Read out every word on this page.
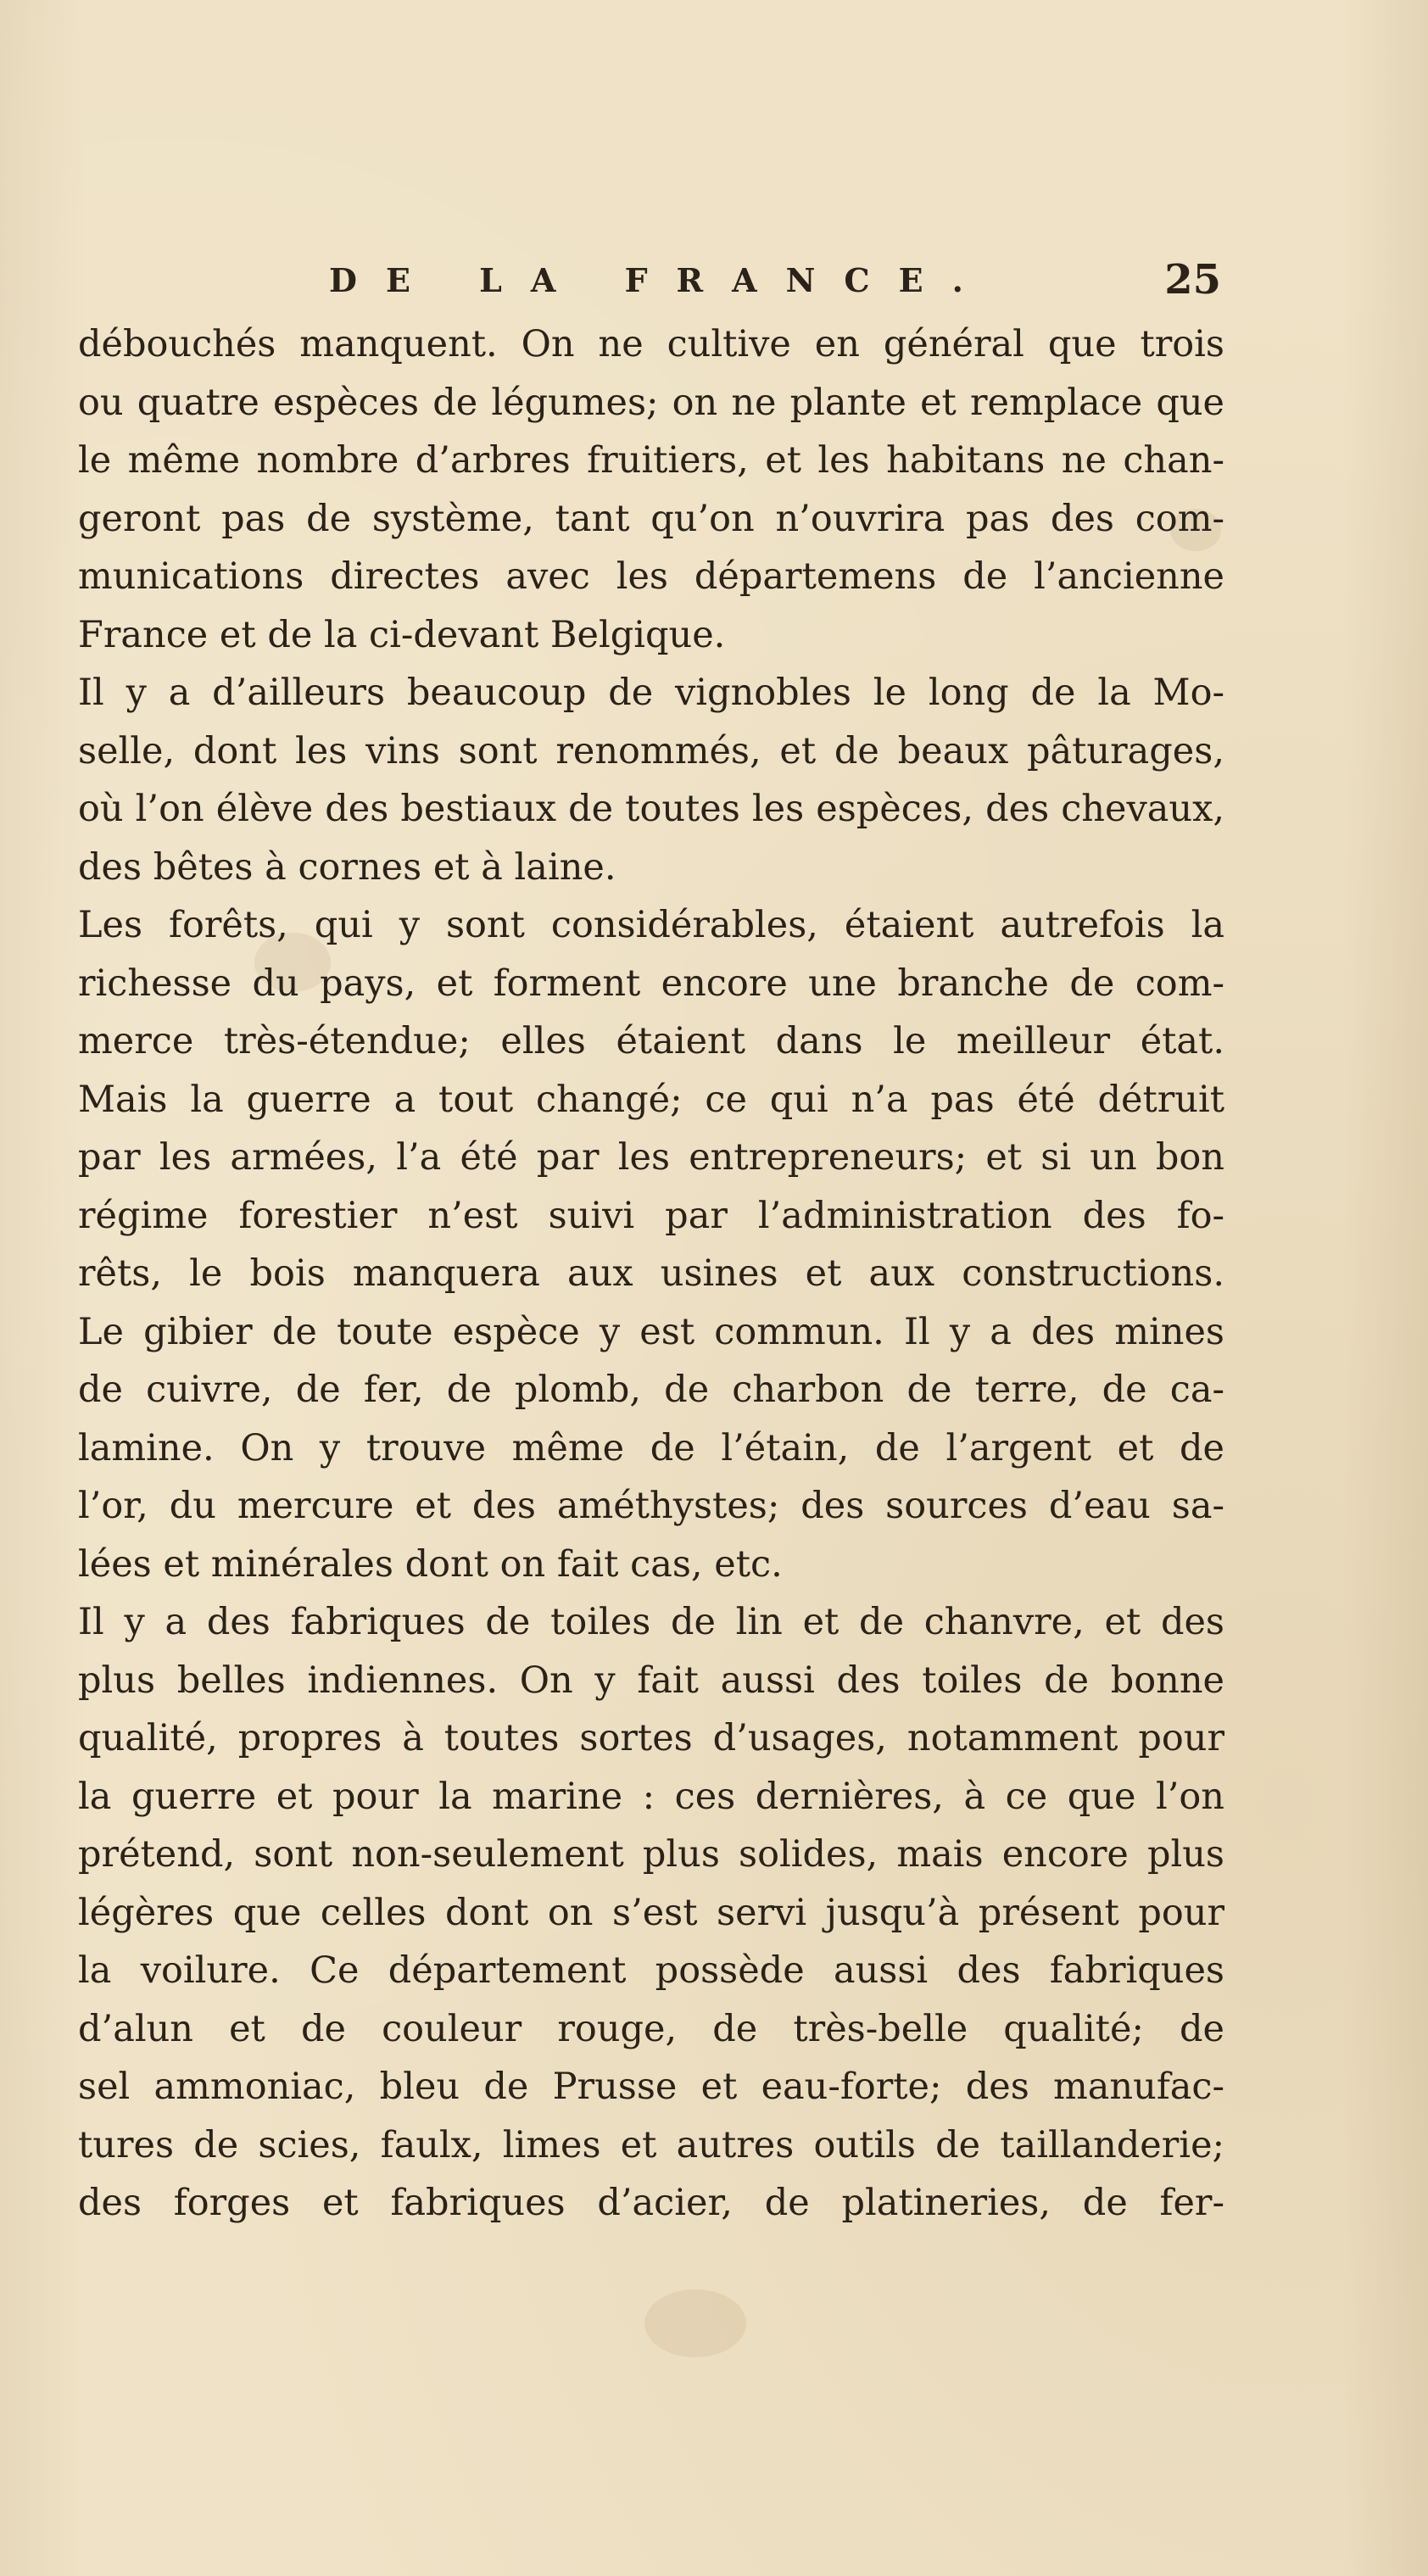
DE LA FRANCE.	25
débouchés manquent. On ne cultive en général que trois
ou quatre espèces de légumes; on ne plante et remplace que
le même nombre d’arbres fruitiers, et les habitans ne chan-
geront pas de système, tant qu’on n’ouvrira pas des com-
munications directes avec les départemens de l’ancienne
France et de la ci-devant Belgique.
Il y a d’ailleurs beaucoup de vignobles le long de la Mo-
selle, dont les vins sont renommés, et de beaux pâturages,
où l’on élève des bestiaux de toutes les espèces, des chevaux,
des bêtes à cornes et à laine.
Les forêts, qui y sont considérables, étaient autrefois la
richesse du pays, et forment encore une branche de com-
merce très-étendue; elles étaient dans le meilleur état.
Mais la guerre a tout changé; ce qui n’a pas été détruit
par les armées, l’a été par les entrepreneurs; et si un bon
régime forestier n’est suivi par l’administration des fo-
rêts, le bois manquera aux usines et aux constructions.
Le gibier de toute espèce y est commun. Il y a des mines
de cuivre, de fer, de plomb, de charbon de terre, de ca-
lamine. On y trouve même de l’étain, de l’argent et de
l’or, du mercure et des améthystes; des sources d’eau sa-
lées et minérales dont on fait cas, etc.
Il y a des fabriques de toiles de lin et de chanvre, et des
plus belles indiennes. On y fait aussi des toiles de bonne
qualité, propres à toutes sortes d’usages, notamment pour
la guerre et pour la marine : ces dernières, à ce que l’on
prétend, sont non-seulement plus solides, mais encore plus
légères que celles dont on s’est servi jusqu’à présent pour
la voilure. Ce département possède aussi des fabriques
d’alun et de couleur rouge, de très-belle qualité; de
sel ammoniac, bleu de Prusse et eau-forte; des manufac-
tures de scies, faulx, limes et autres outils de taillanderie;
des forges et fabriques d’acier, de platineries, de fer-
